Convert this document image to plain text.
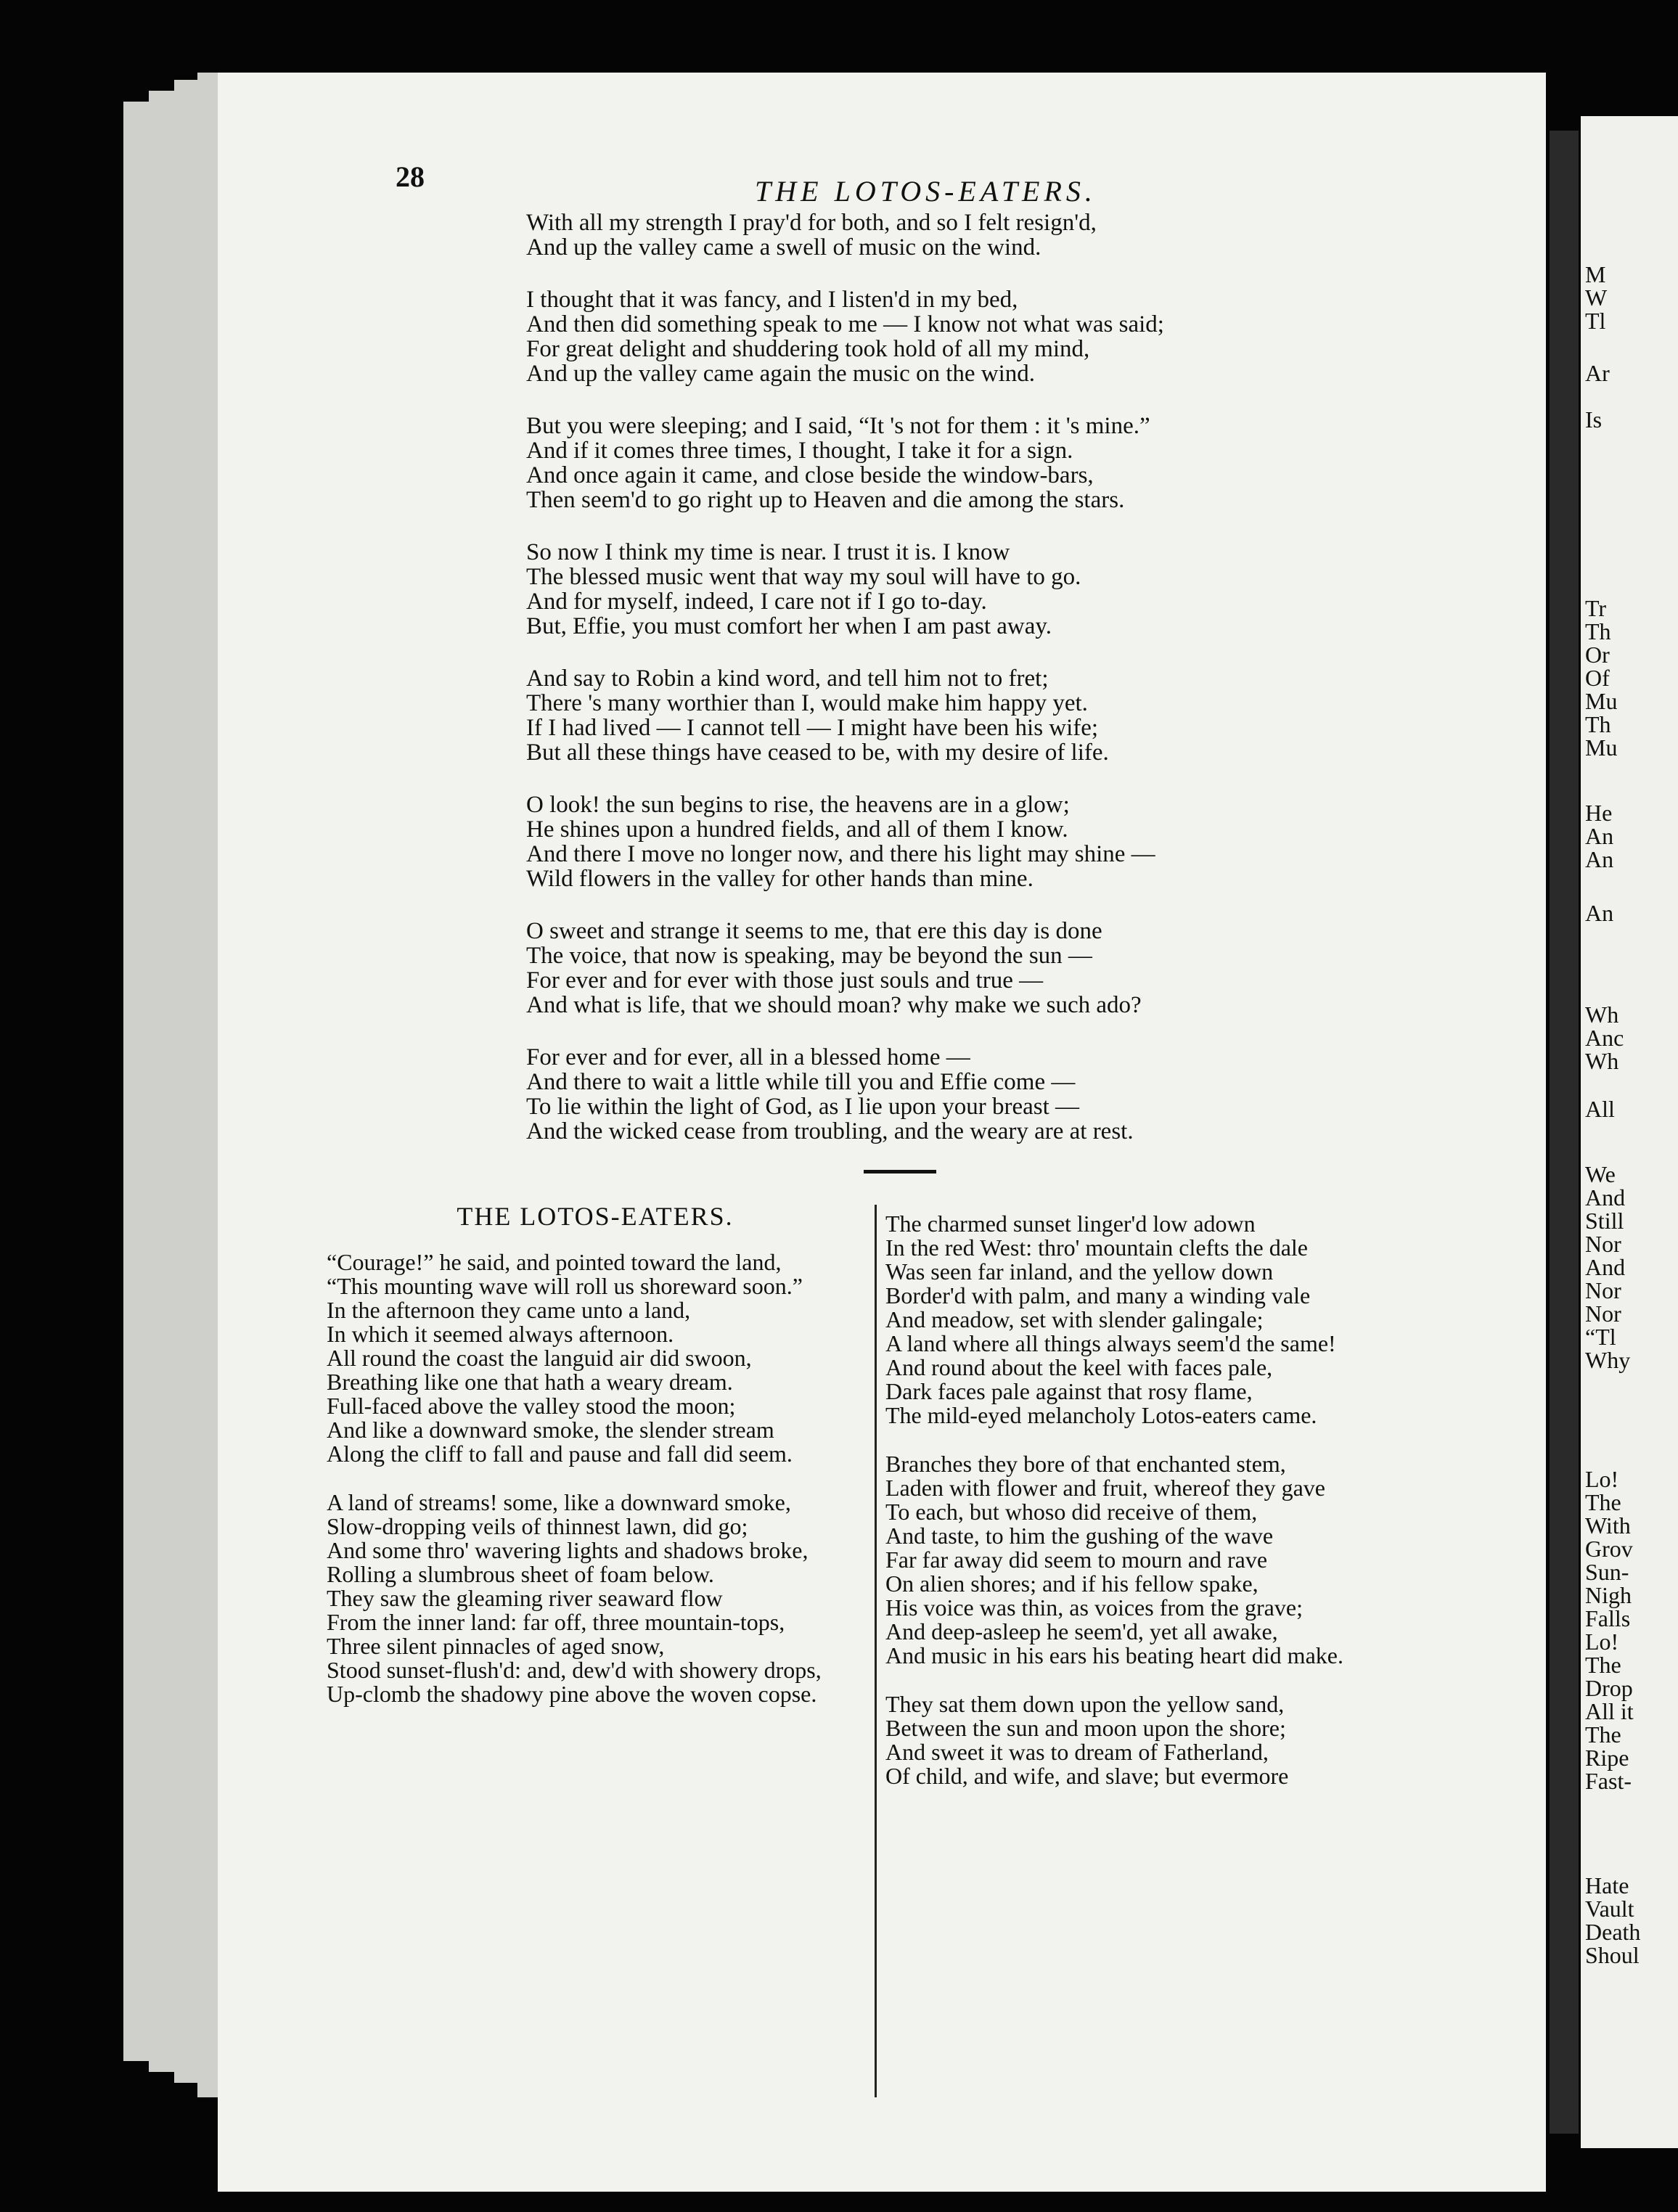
28	THE LOTOS-EATERS.
With all my strength I pray'd for both, and so I felt resign'd,
And up the valley came a swell of music on the wind.
I thought that it was fancy, and I listen'd in my bed,
And then did something speak to me — I know not what was said;
For great delight and shuddering took hold of all my mind,
And up the valley came again the music on the wind.
But you were sleeping; and I said, “It 's not for them : it 's mine.”
And if it comes three times, I thought, I take it for a sign.
And once again it came, and close beside the window-bars,
Then seem'd to go right up to Heaven and die among the stars.
So now I think my time is near. I trust it is. I know
The blessed music went that way my soul will have to go.
And for myself, indeed, I care not if I go to-day.
But, Effie, you must comfort her when I am past away.
And say to Robin a kind word, and tell him not to fret;
There 's many worthier than I, would make him happy yet.
If I had lived — I cannot tell — I might have been his wife;
But all these things have ceased to be, with my desire of life.
O look! the sun begins to rise, the heavens are in a glow;
He shines upon a hundred fields, and all of them I know.
And there I move no longer now, and there his light may shine —
Wild flowers in the valley for other hands than mine.
O sweet and strange it seems to me, that ere this day is done
The voice, that now is speaking, may be beyond the sun —
For ever and for ever with those just souls and true —
And what is life, that we should moan? why make we such ado?
For ever and for ever, all in a blessed home —
And there to wait a little while till you and Effie come —
To lie within the light of God, as I lie upon your breast —
And the wicked cease from troubling, and the weary are at rest.
THE LOTOS-EATERS.
“Courage!” he said, and pointed toward the land,
“This mounting wave will roll us shoreward soon.”
In the afternoon they came unto a land,
In which it seemed always afternoon.
All round the coast the languid air did swoon,
Breathing like one that hath a weary dream.
Full-faced above the valley stood the moon;
And like a downward smoke, the slender stream
Along the cliff to fall and pause and fall did seem.
A land of streams! some, like a downward smoke,
Slow-dropping veils of thinnest lawn, did go;
And some thro' wavering lights and shadows broke,
Rolling a slumbrous sheet of foam below.
They saw the gleaming river seaward flow
From the inner land: far off, three mountain-tops,
Three silent pinnacles of aged snow,
Stood sunset-flush'd: and, dew'd with showery drops,
Up-clomb the shadowy pine above the woven copse.
The charmed sunset linger'd low adown
In the red West: thro' mountain clefts the dale
Was seen far inland, and the yellow down
Border'd with palm, and many a winding vale
And meadow, set with slender galingale;
A land where all things always seem'd the same!
And round about the keel with faces pale,
Dark faces pale against that rosy flame,
The mild-eyed melancholy Lotos-eaters came.
Branches they bore of that enchanted stem,
Laden with flower and fruit, whereof they gave
To each, but whoso did receive of them,
And taste, to him the gushing of the wave
Far far away did seem to mourn and rave
On alien shores; and if his fellow spake,
His voice was thin, as voices from the grave;
And deep-asleep he seem'd, yet all awake,
And music in his ears his beating heart did make.
They sat them down upon the yellow sand,
Between the sun and moon upon the shore;
And sweet it was to dream of Fatherland,
Of child, and wife, and slave; but evermore
M
W
Tl
Ar
Is
Tr
Th
Or
Of
Mu
Th
Mu
He
An
An
An
Wh
Anc
Wh
All
We
And
Still
Nor
And
Nor
Nor
“Tl
Why
Lo!
The
With
Grov
Sun-
Nigh
Falls
Lo!
The
Drop
All it
The
Ripe
Fast-
Hate
Vault
Death
Shoul
